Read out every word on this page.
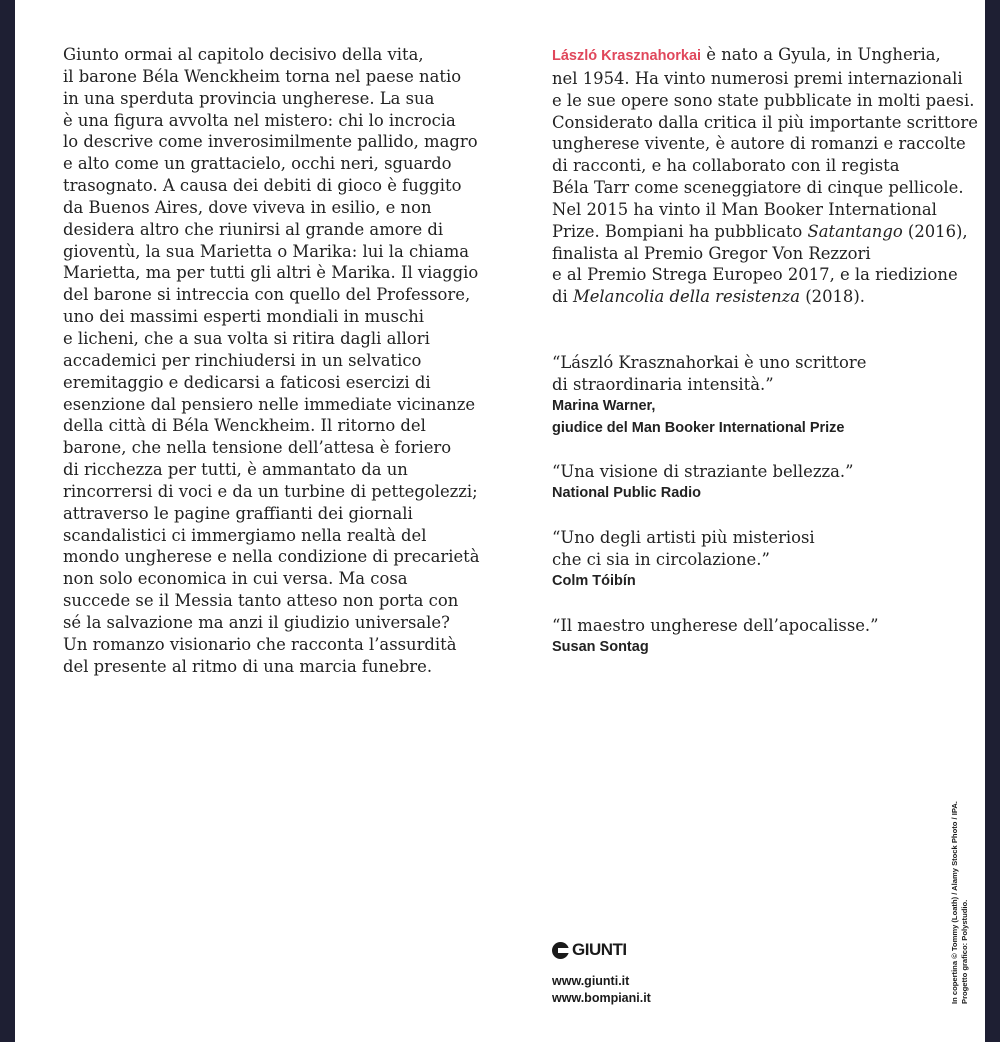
Giunto ormai al capitolo decisivo della vita,

il barone Béla Wenckheim torna nel paese natio

in una sperduta provincia ungherese. La sua

è una figura avvolta nel mistero: chi lo incrocia

lo descrive come inverosimilmente pallido, magro

e alto come un grattacielo, occhi neri, sguardo

trasognato. A causa dei debiti di gioco è fuggito

da Buenos Aires, dove viveva in esilio, e non

desidera altro che riunirsi al grande amore di

gioventù, la sua Marietta o Marika: lui la chiama

Marietta, ma per tutti gli altri è Marika. Il viaggio

del barone si intreccia con quello del Professore,

uno dei massimi esperti mondiali in muschi

e licheni, che a sua volta si ritira dagli allori

accademici per rinchiudersi in un selvatico

eremitaggio e dedicarsi a faticosi esercizi di

esenzione dal pensiero nelle immediate vicinanze

della città di Béla Wenckheim. Il ritorno del

barone, che nella tensione dell’attesa è foriero

di ricchezza per tutti, è ammantato da un

rincorrersi di voci e da un turbine di pettegolezzi;

attraverso le pagine graffianti dei giornali

scandalistici ci immergiamo nella realtà del

mondo ungherese e nella condizione di precarietà

non solo economica in cui versa. Ma cosa

succede se il Messia tanto atteso non porta con

sé la salvazione ma anzi il giudizio universale?

Un romanzo visionario che racconta l’assurdità

del presente al ritmo di una marcia funebre.

László Krasznahorkai è nato a Gyula, in Ungheria,
nel 1954. Ha vinto numerosi premi internazionali
e le sue opere sono state pubblicate in molti paesi.
Considerato dalla critica il più importante scrittore
ungherese vivente, è autore di romanzi e raccolte
di racconti, e ha collaborato con il regista
Béla Tarr come sceneggiatore di cinque pellicole.
Nel 2015 ha vinto il Man Booker International
Prize. Bompiani ha pubblicato Satantango (2016),
finalista al Premio Gregor Von Rezzori
e al Premio Strega Europeo 2017, e la riedizione
di Melancolia della resistenza (2018).
“László Krasznahorkai è uno scrittore
di straordinaria intensità.”
Marina Warner,
giudice del Man Booker International Prize
“Una visione di straziante bellezza.”
National Public Radio
“Uno degli artisti più misteriosi
che ci sia in circolazione.”
Colm Tóibín
“Il maestro ungherese dell’apocalisse.”
Susan Sontag
GIUNTI
www.giunti.it
www.bompiani.it	In copertina © Tommy (Loath) / Alamy Stock Photo / IPA. Progetto grafico: Polystudio.
